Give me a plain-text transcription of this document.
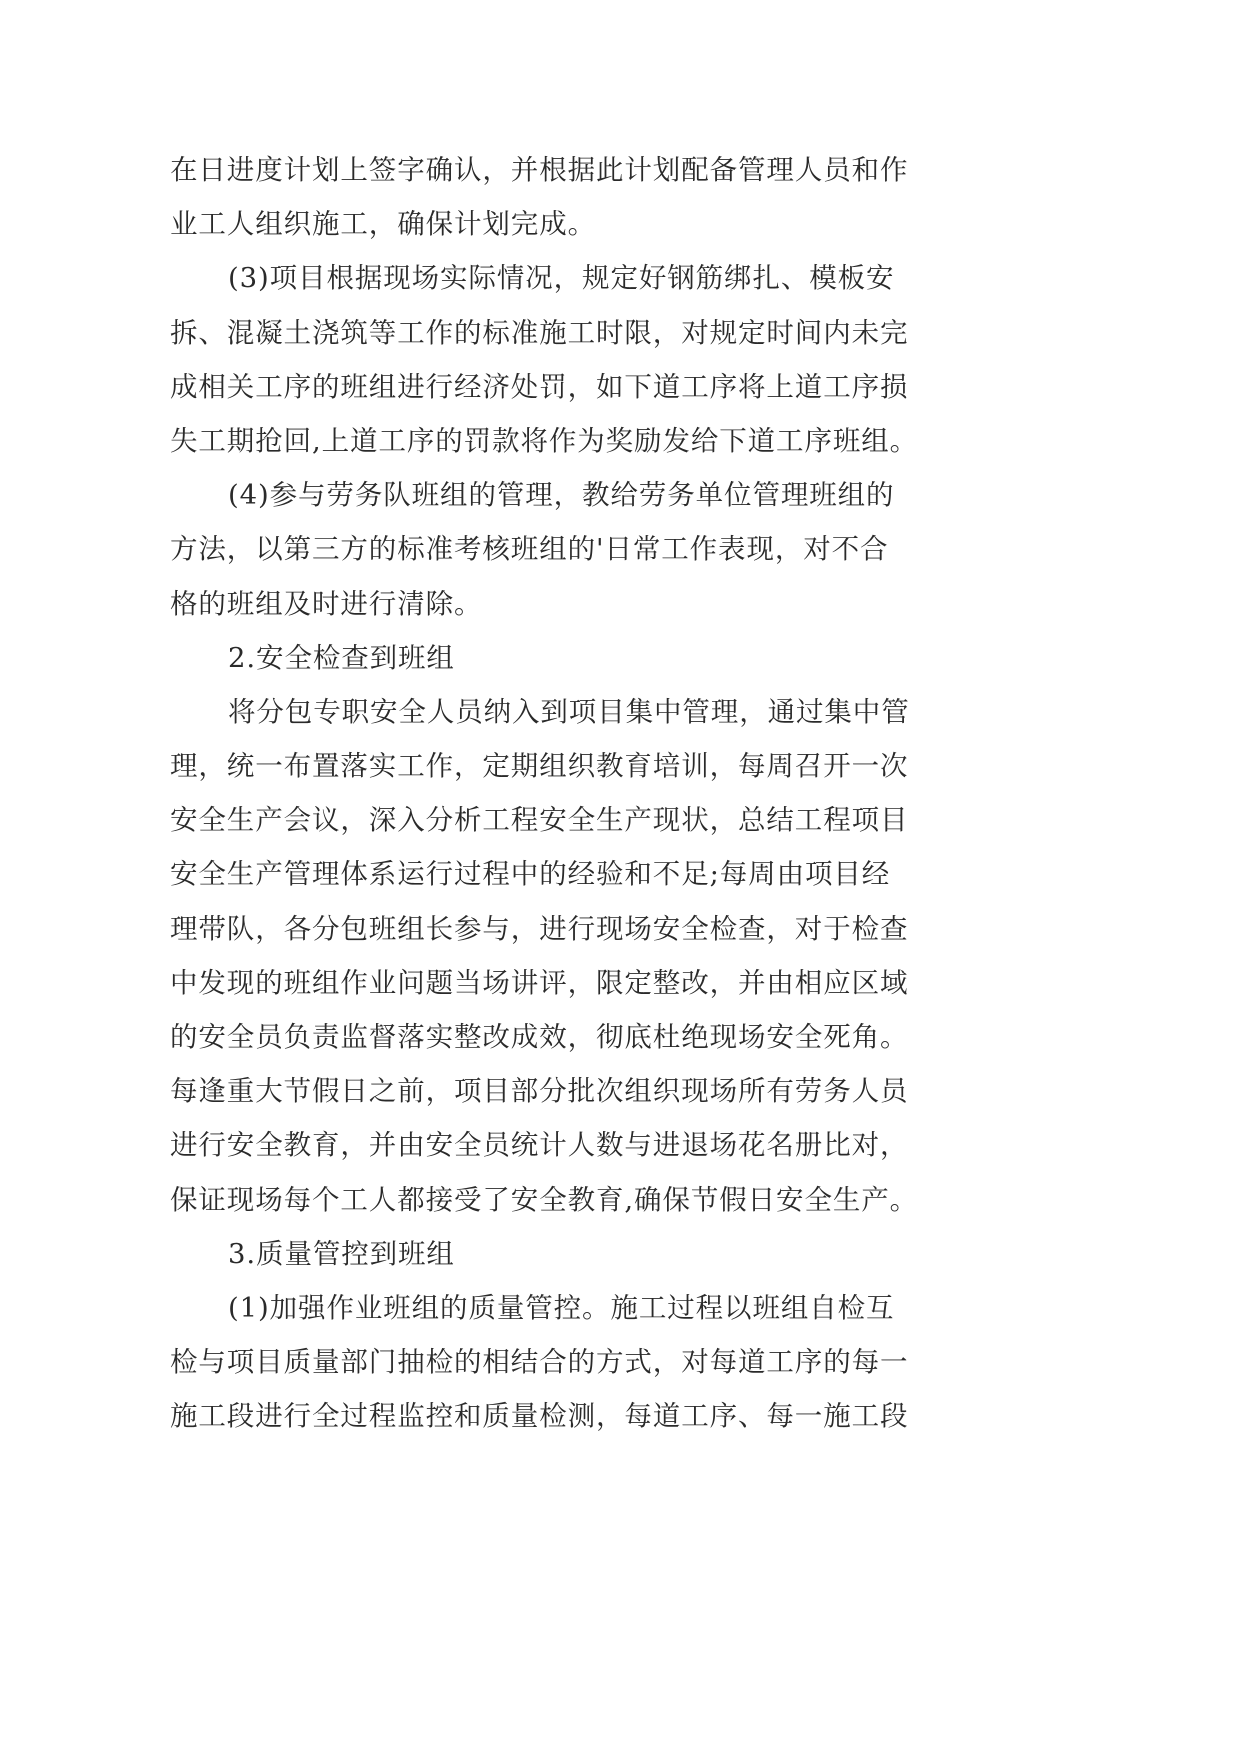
在日进度计划上签字确认，并根据此计划配备管理人员和作
业工人组织施工，确保计划完成。
(3)项目根据现场实际情况，规定好钢筋绑扎、模板安
拆、混凝土浇筑等工作的标准施工时限，对规定时间内未完
成相关工序的班组进行经济处罚，如下道工序将上道工序损
失工期抢回,上道工序的罚款将作为奖励发给下道工序班组。
(4)参与劳务队班组的管理，教给劳务单位管理班组的
方法，以第三方的标准考核班组的'日常工作表现，对不合
格的班组及时进行清除。
2.安全检查到班组
将分包专职安全人员纳入到项目集中管理，通过集中管
理，统一布置落实工作，定期组织教育培训，每周召开一次
安全生产会议，深入分析工程安全生产现状，总结工程项目
安全生产管理体系运行过程中的经验和不足;每周由项目经
理带队，各分包班组长参与，进行现场安全检查，对于检查
中发现的班组作业问题当场讲评，限定整改，并由相应区域
的安全员负责监督落实整改成效，彻底杜绝现场安全死角。
每逢重大节假日之前，项目部分批次组织现场所有劳务人员
进行安全教育，并由安全员统计人数与进退场花名册比对，
保证现场每个工人都接受了安全教育,确保节假日安全生产。
3.质量管控到班组
(1)加强作业班组的质量管控。施工过程以班组自检互
检与项目质量部门抽检的相结合的方式，对每道工序的每一
施工段进行全过程监控和质量检测，每道工序、每一施工段
